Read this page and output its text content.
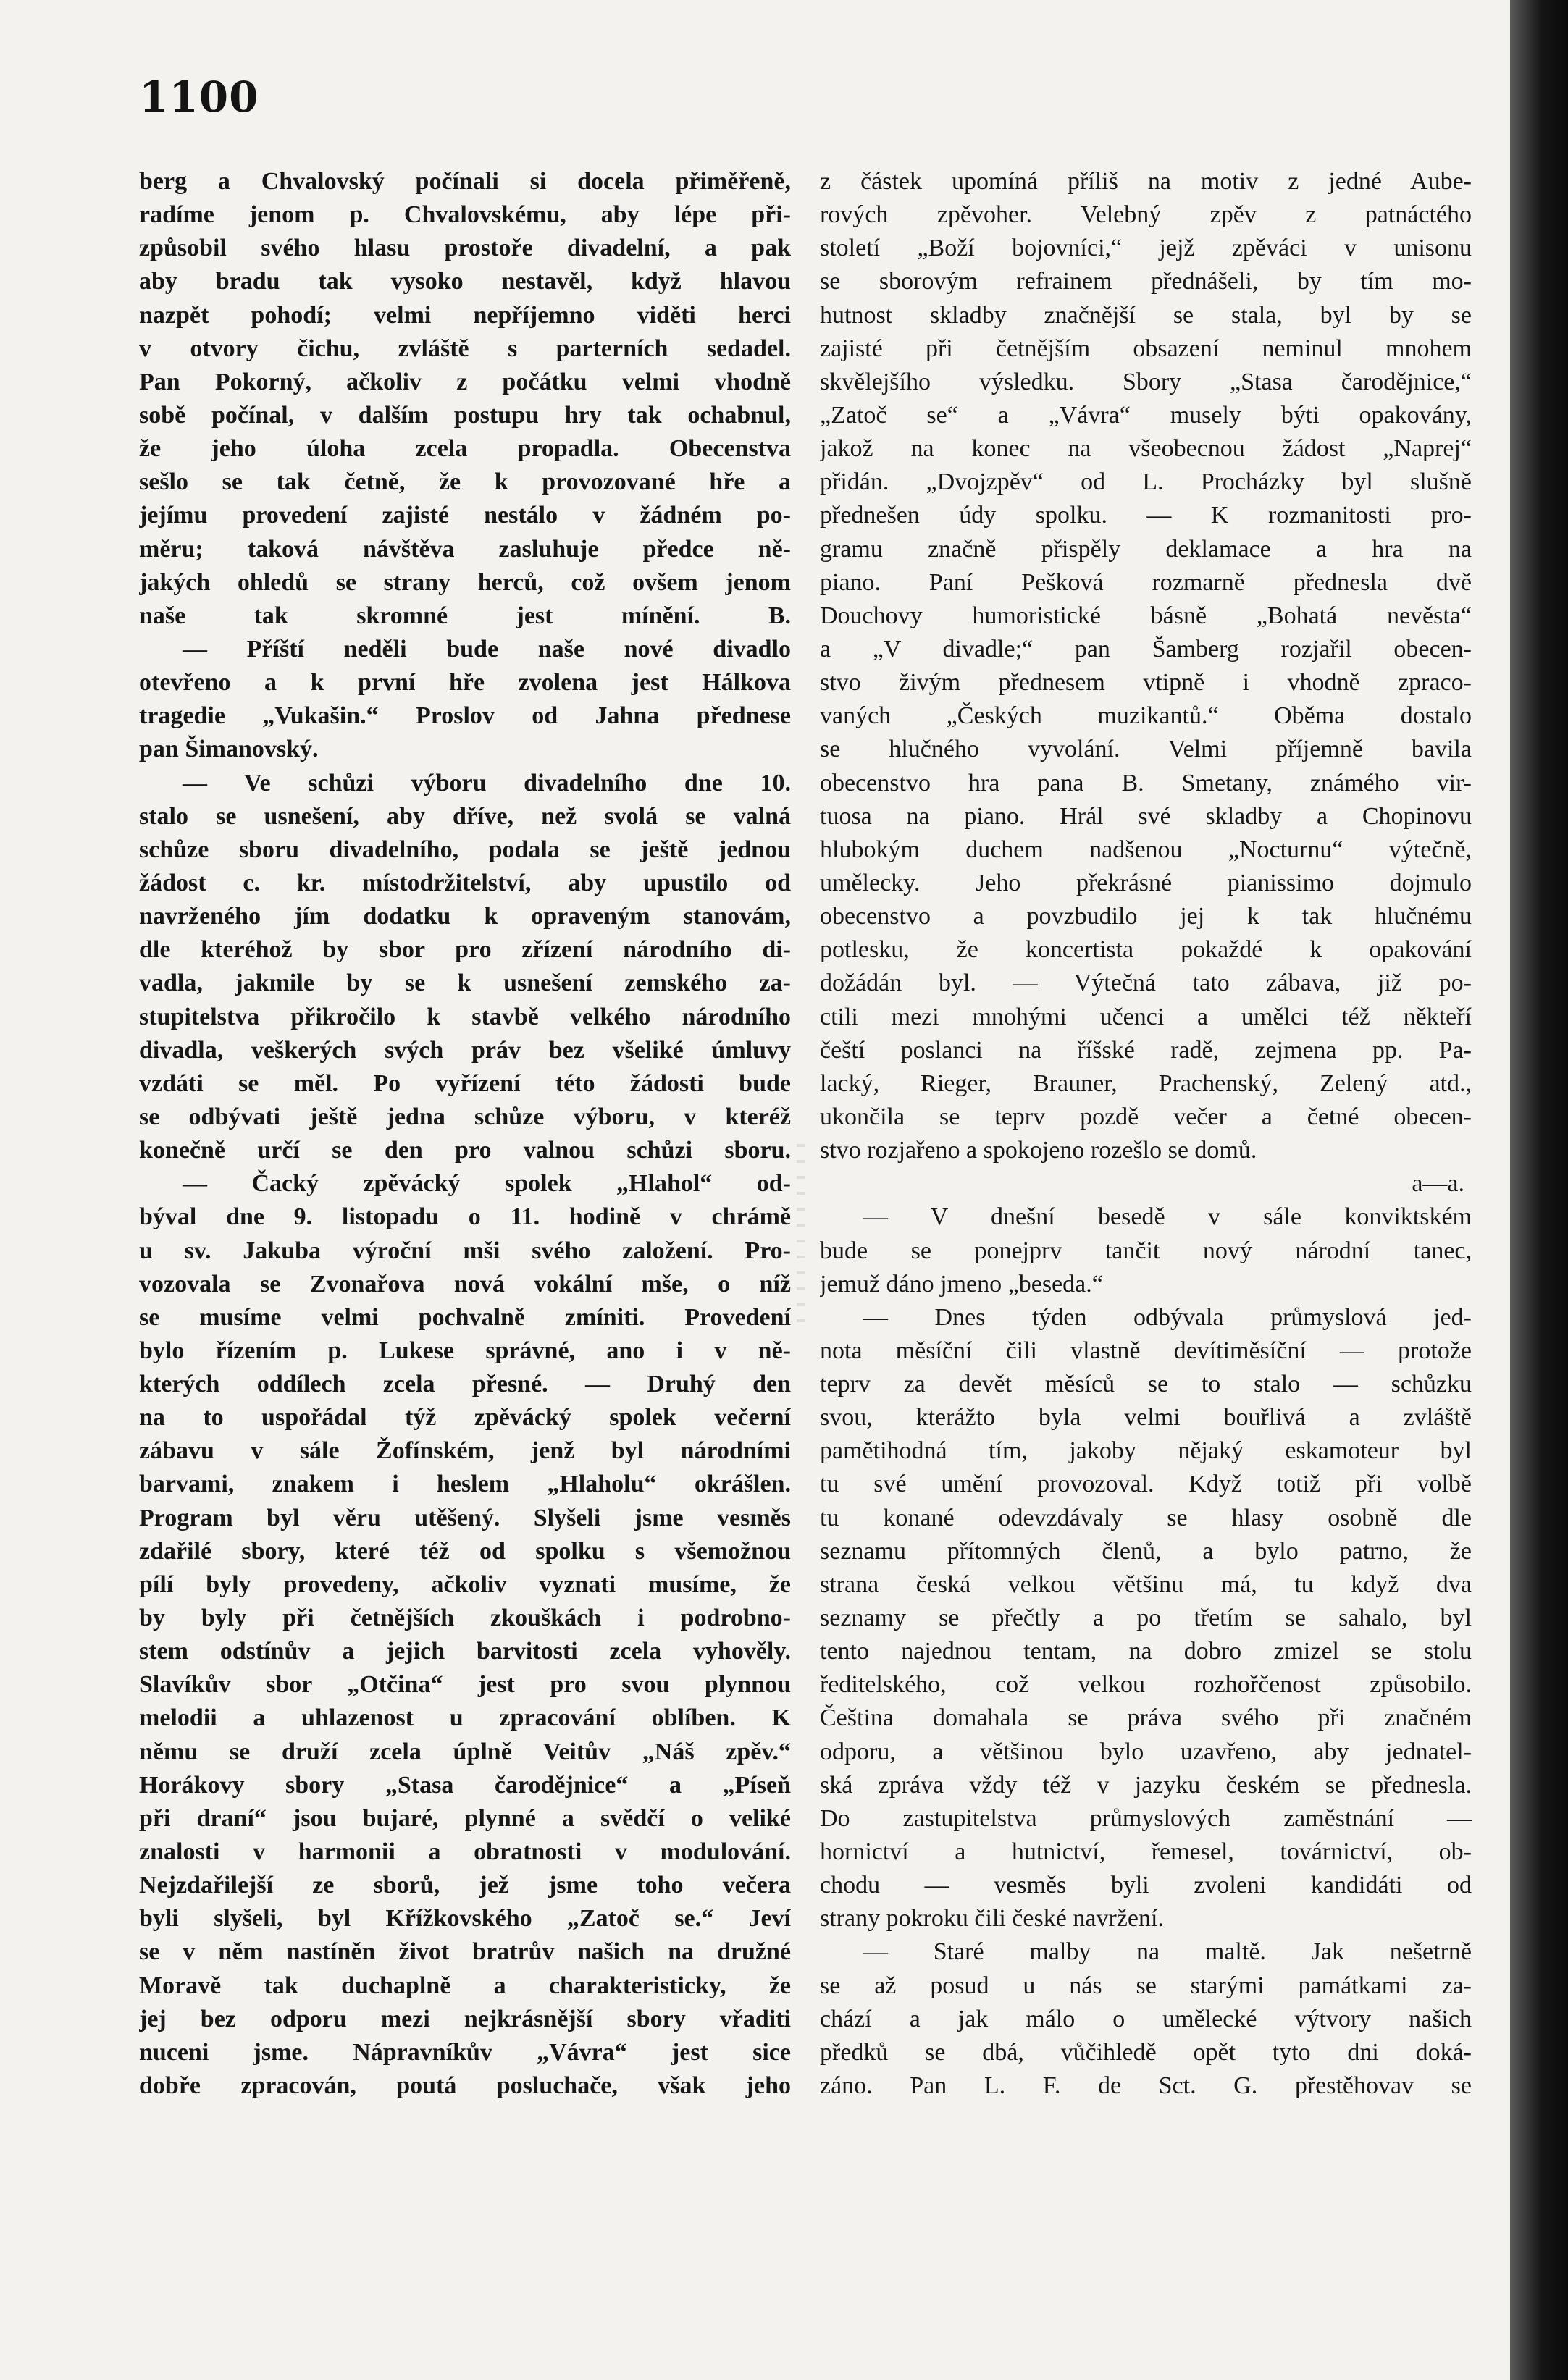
1100
berg a Chvalovský počínali si docela přiměřeně,
radíme jenom p. Chvalovskému, aby lépe při-
způsobil svého hlasu prostoře divadelní, a pak
aby bradu tak vysoko nestavěl, když hlavou
nazpět pohodí; velmi nepříjemno viděti herci
v otvory čichu, zvláště s parterních sedadel.
Pan Pokorný, ačkoliv z počátku velmi vhodně
sobě počínal, v dalším postupu hry tak ochabnul,
že jeho úloha zcela propadla. Obecenstva
sešlo se tak četně, že k provozované hře a
jejímu provedení zajisté nestálo v žádném po-
měru; taková návštěva zasluhuje předce ně-
jakých ohledů se strany herců, což ovšem jenom
naše tak skromné jest mínění. B.
— Příští neděli bude naše nové divadlo
otevřeno a k první hře zvolena jest Hálkova
tragedie „Vukašin.“ Proslov od Jahna přednese
pan Šimanovský.
— Ve schůzi výboru divadelního dne 10.
stalo se usnešení, aby dříve, než svolá se valná
schůze sboru divadelního, podala se ještě jednou
žádost c. kr. místodržitelství, aby upustilo od
navrženého jím dodatku k opraveným stanovám,
dle kteréhož by sbor pro zřízení národního di-
vadla, jakmile by se k usnešení zemského za-
stupitelstva přikročilo k stavbě velkého národního
divadla, veškerých svých práv bez všeliké úmluvy
vzdáti se měl. Po vyřízení této žádosti bude
se odbývati ještě jedna schůze výboru, v kteréž
konečně určí se den pro valnou schůzi sboru.
— Čacký zpěvácký spolek „Hlahol“ od-
býval dne 9. listopadu o 11. hodině v chrámě
u sv. Jakuba výroční mši svého založení. Pro-
vozovala se Zvonařova nová vokální mše, o níž
se musíme velmi pochvalně zmíniti. Provedení
bylo řízením p. Lukese správné, ano i v ně-
kterých oddílech zcela přesné. — Druhý den
na to uspořádal týž zpěvácký spolek večerní
zábavu v sále Žofínském, jenž byl národními
barvami, znakem i heslem „Hlaholu“ okrášlen.
Program byl věru utěšený. Slyšeli jsme vesměs
zdařilé sbory, které též od spolku s všemožnou
pílí byly provedeny, ačkoliv vyznati musíme, že
by byly při četnějších zkouškách i podrobno-
stem odstínův a jejich barvitosti zcela vyhověly.
Slavíkův sbor „Otčina“ jest pro svou plynnou
melodii a uhlazenost u zpracování oblíben. K
němu se druží zcela úplně Veitův „Náš zpěv.“
Horákovy sbory „Stasa čarodějnice“ a „Píseň
při draní“ jsou bujaré, plynné a svědčí o veliké
znalosti v harmonii a obratnosti v modulování.
Nejzdařilejší ze sborů, jež jsme toho večera
byli slyšeli, byl Křížkovského „Zatoč se.“ Jeví
se v něm nastíněn život bratrův našich na družné
Moravě tak duchaplně a charakteristicky, že
jej bez odporu mezi nejkrásnější sbory vřaditi
nuceni jsme. Nápravníkův „Vávra“ jest sice
dobře zpracován, poutá posluchače, však jeho
z částek upomíná příliš na motiv z jedné Aube-
rových zpěvoher. Velebný zpěv z patnáctého
století „Boží bojovníci,“ jejž zpěváci v unisonu
se sborovým refrainem přednášeli, by tím mo-
hutnost skladby značnější se stala, byl by se
zajisté při četnějším obsazení neminul mnohem
skvělejšího výsledku. Sbory „Stasa čarodějnice,“
„Zatoč se“ a „Vávra“ musely býti opakovány,
jakož na konec na všeobecnou žádost „Naprej“
přidán. „Dvojzpěv“ od L. Procházky byl slušně
přednešen údy spolku. — K rozmanitosti pro-
gramu značně přispěly deklamace a hra na
piano. Paní Pešková rozmarně přednesla dvě
Douchovy humoristické básně „Bohatá nevěsta“
a „V divadle;“ pan Šamberg rozjařil obecen-
stvo živým přednesem vtipně i vhodně zpraco-
vaných „Českých muzikantů.“ Oběma dostalo
se hlučného vyvolání. Velmi příjemně bavila
obecenstvo hra pana B. Smetany, známého vir-
tuosa na piano. Hrál své skladby a Chopinovu
hlubokým duchem nadšenou „Nocturnu“ výtečně,
umělecky. Jeho překrásné pianissimo dojmulo
obecenstvo a povzbudilo jej k tak hlučnému
potlesku, že koncertista pokaždé k opakování
dožádán byl. — Výtečná tato zábava, již po-
ctili mezi mnohými učenci a umělci též někteří
čeští poslanci na říšské radě, zejmena pp. Pa-
lacký, Rieger, Brauner, Prachenský, Zelený atd.,
ukončila se teprv pozdě večer a četné obecen-
stvo rozjařeno a spokojeno rozešlo se domů.
a—a.
— V dnešní besedě v sále konviktském
bude se ponejprv tančit nový národní tanec,
jemuž dáno jmeno „beseda.“
— Dnes týden odbývala průmyslová jed-
nota měsíční čili vlastně devítiměsíční — protože
teprv za devět měsíců se to stalo — schůzku
svou, kterážto byla velmi bouřlivá a zvláště
pamětihodná tím, jakoby nějaký eskamoteur byl
tu své umění provozoval. Když totiž při volbě
tu konané odevzdávaly se hlasy osobně dle
seznamu přítomných členů, a bylo patrno, že
strana česká velkou většinu má, tu když dva
seznamy se přečtly a po třetím se sahalo, byl
tento najednou tentam, na dobro zmizel se stolu
ředitelského, což velkou rozhořčenost způsobilo.
Čeština domahala se práva svého při značném
odporu, a většinou bylo uzavřeno, aby jednatel-
ská zpráva vždy též v jazyku českém se přednesla.
Do zastupitelstva průmyslových zaměstnání —
hornictví a hutnictví, řemesel, továrnictví, ob-
chodu — vesměs byli zvoleni kandidáti od
strany pokroku čili české navržení.
— Staré malby na maltě. Jak nešetrně
se až posud u nás se starými památkami za-
chází a jak málo o umělecké výtvory našich
předků se dbá, vůčihledě opět tyto dni doká-
záno. Pan L. F. de Sct. G. přestěhovav se
